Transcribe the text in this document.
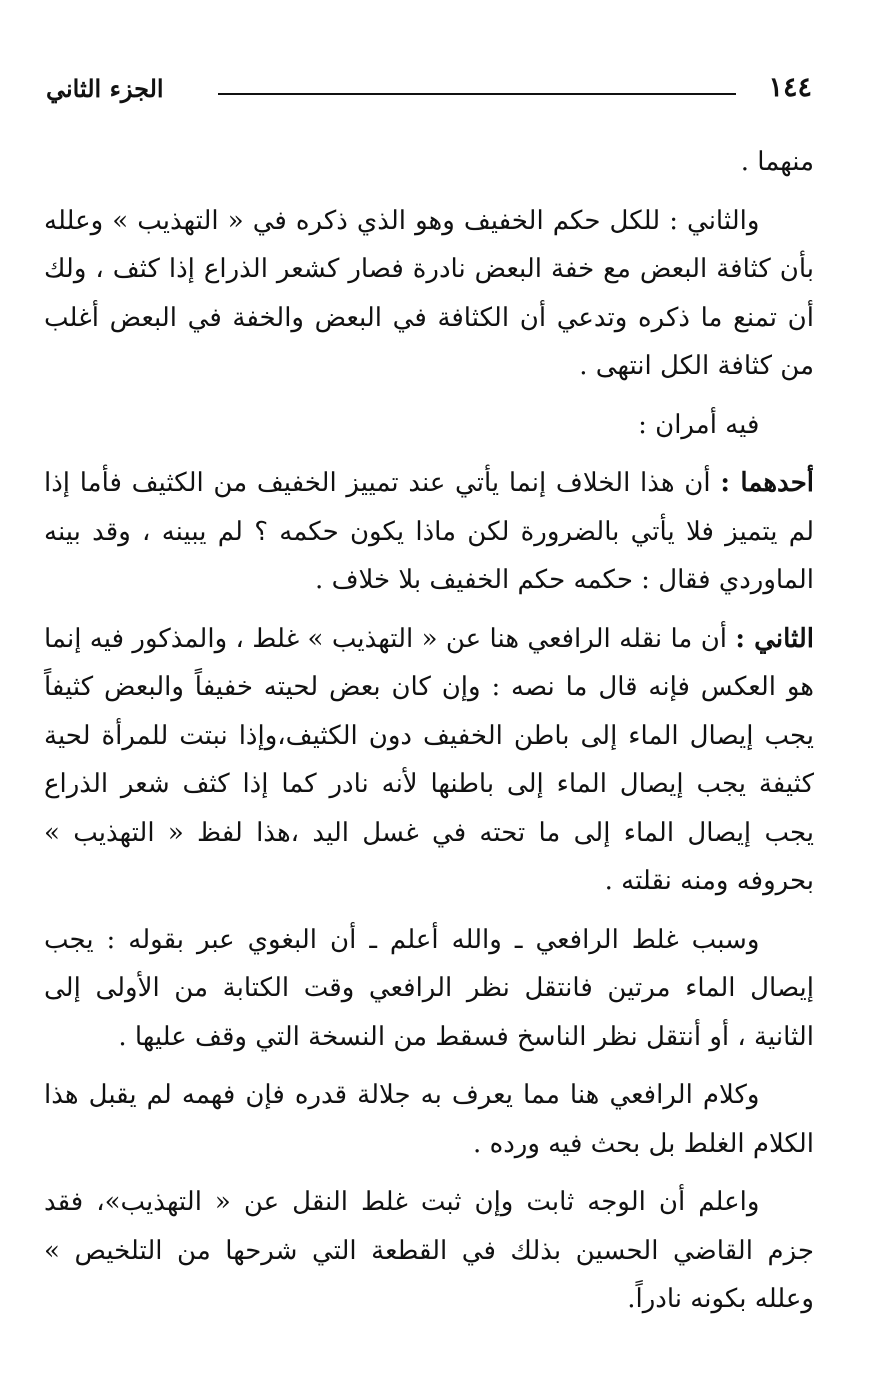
١٤٤
الجزء الثاني

منهما .

والثاني : للكل حكم الخفيف وهو الذي ذكره في « التهذيب » وعلله بأن كثافة البعض مع خفة البعض نادرة فصار كشعر الذراع إذا كثف ، ولك أن تمنع ما ذكره وتدعي أن الكثافة في البعض والخفة في البعض أغلب من كثافة الكل انتهى .

فيه أمران :

أحدهما : أن هذا الخلاف إنما يأتي عند تمييز الخفيف من الكثيف فأما إذا لم يتميز فلا يأتي بالضرورة لكن ماذا يكون حكمه ؟ لم يبينه ، وقد بينه الماوردي فقال : حكمه حكم الخفيف بلا خلاف .

الثاني : أن ما نقله الرافعي هنا عن « التهذيب » غلط ، والمذكور فيه إنما هو العكس فإنه قال ما نصه : وإن كان بعض لحيته خفيفاً والبعض كثيفاً يجب إيصال الماء إلى باطن الخفيف دون الكثيف،وإذا نبتت للمرأة لحية كثيفة يجب إيصال الماء إلى باطنها لأنه نادر كما إذا كثف شعر الذراع يجب إيصال الماء إلى ما تحته في غسل اليد ،هذا لفظ « التهذيب » بحروفه ومنه نقلته .

وسبب غلط الرافعي ـ والله أعلم ـ أن البغوي عبر بقوله : يجب إيصال الماء مرتين فانتقل نظر الرافعي وقت الكتابة من الأولى إلى الثانية ، أو أنتقل نظر الناسخ فسقط من النسخة التي وقف عليها .

وكلام الرافعي هنا مما يعرف به جلالة قدره فإن فهمه لم يقبل هذا الكلام الغلط بل بحث فيه ورده .

واعلم أن الوجه ثابت وإن ثبت غلط النقل عن « التهذيب»، فقد جزم القاضي الحسين بذلك في القطعة التي شرحها من التلخيص » وعلله بكونه نادراً.
